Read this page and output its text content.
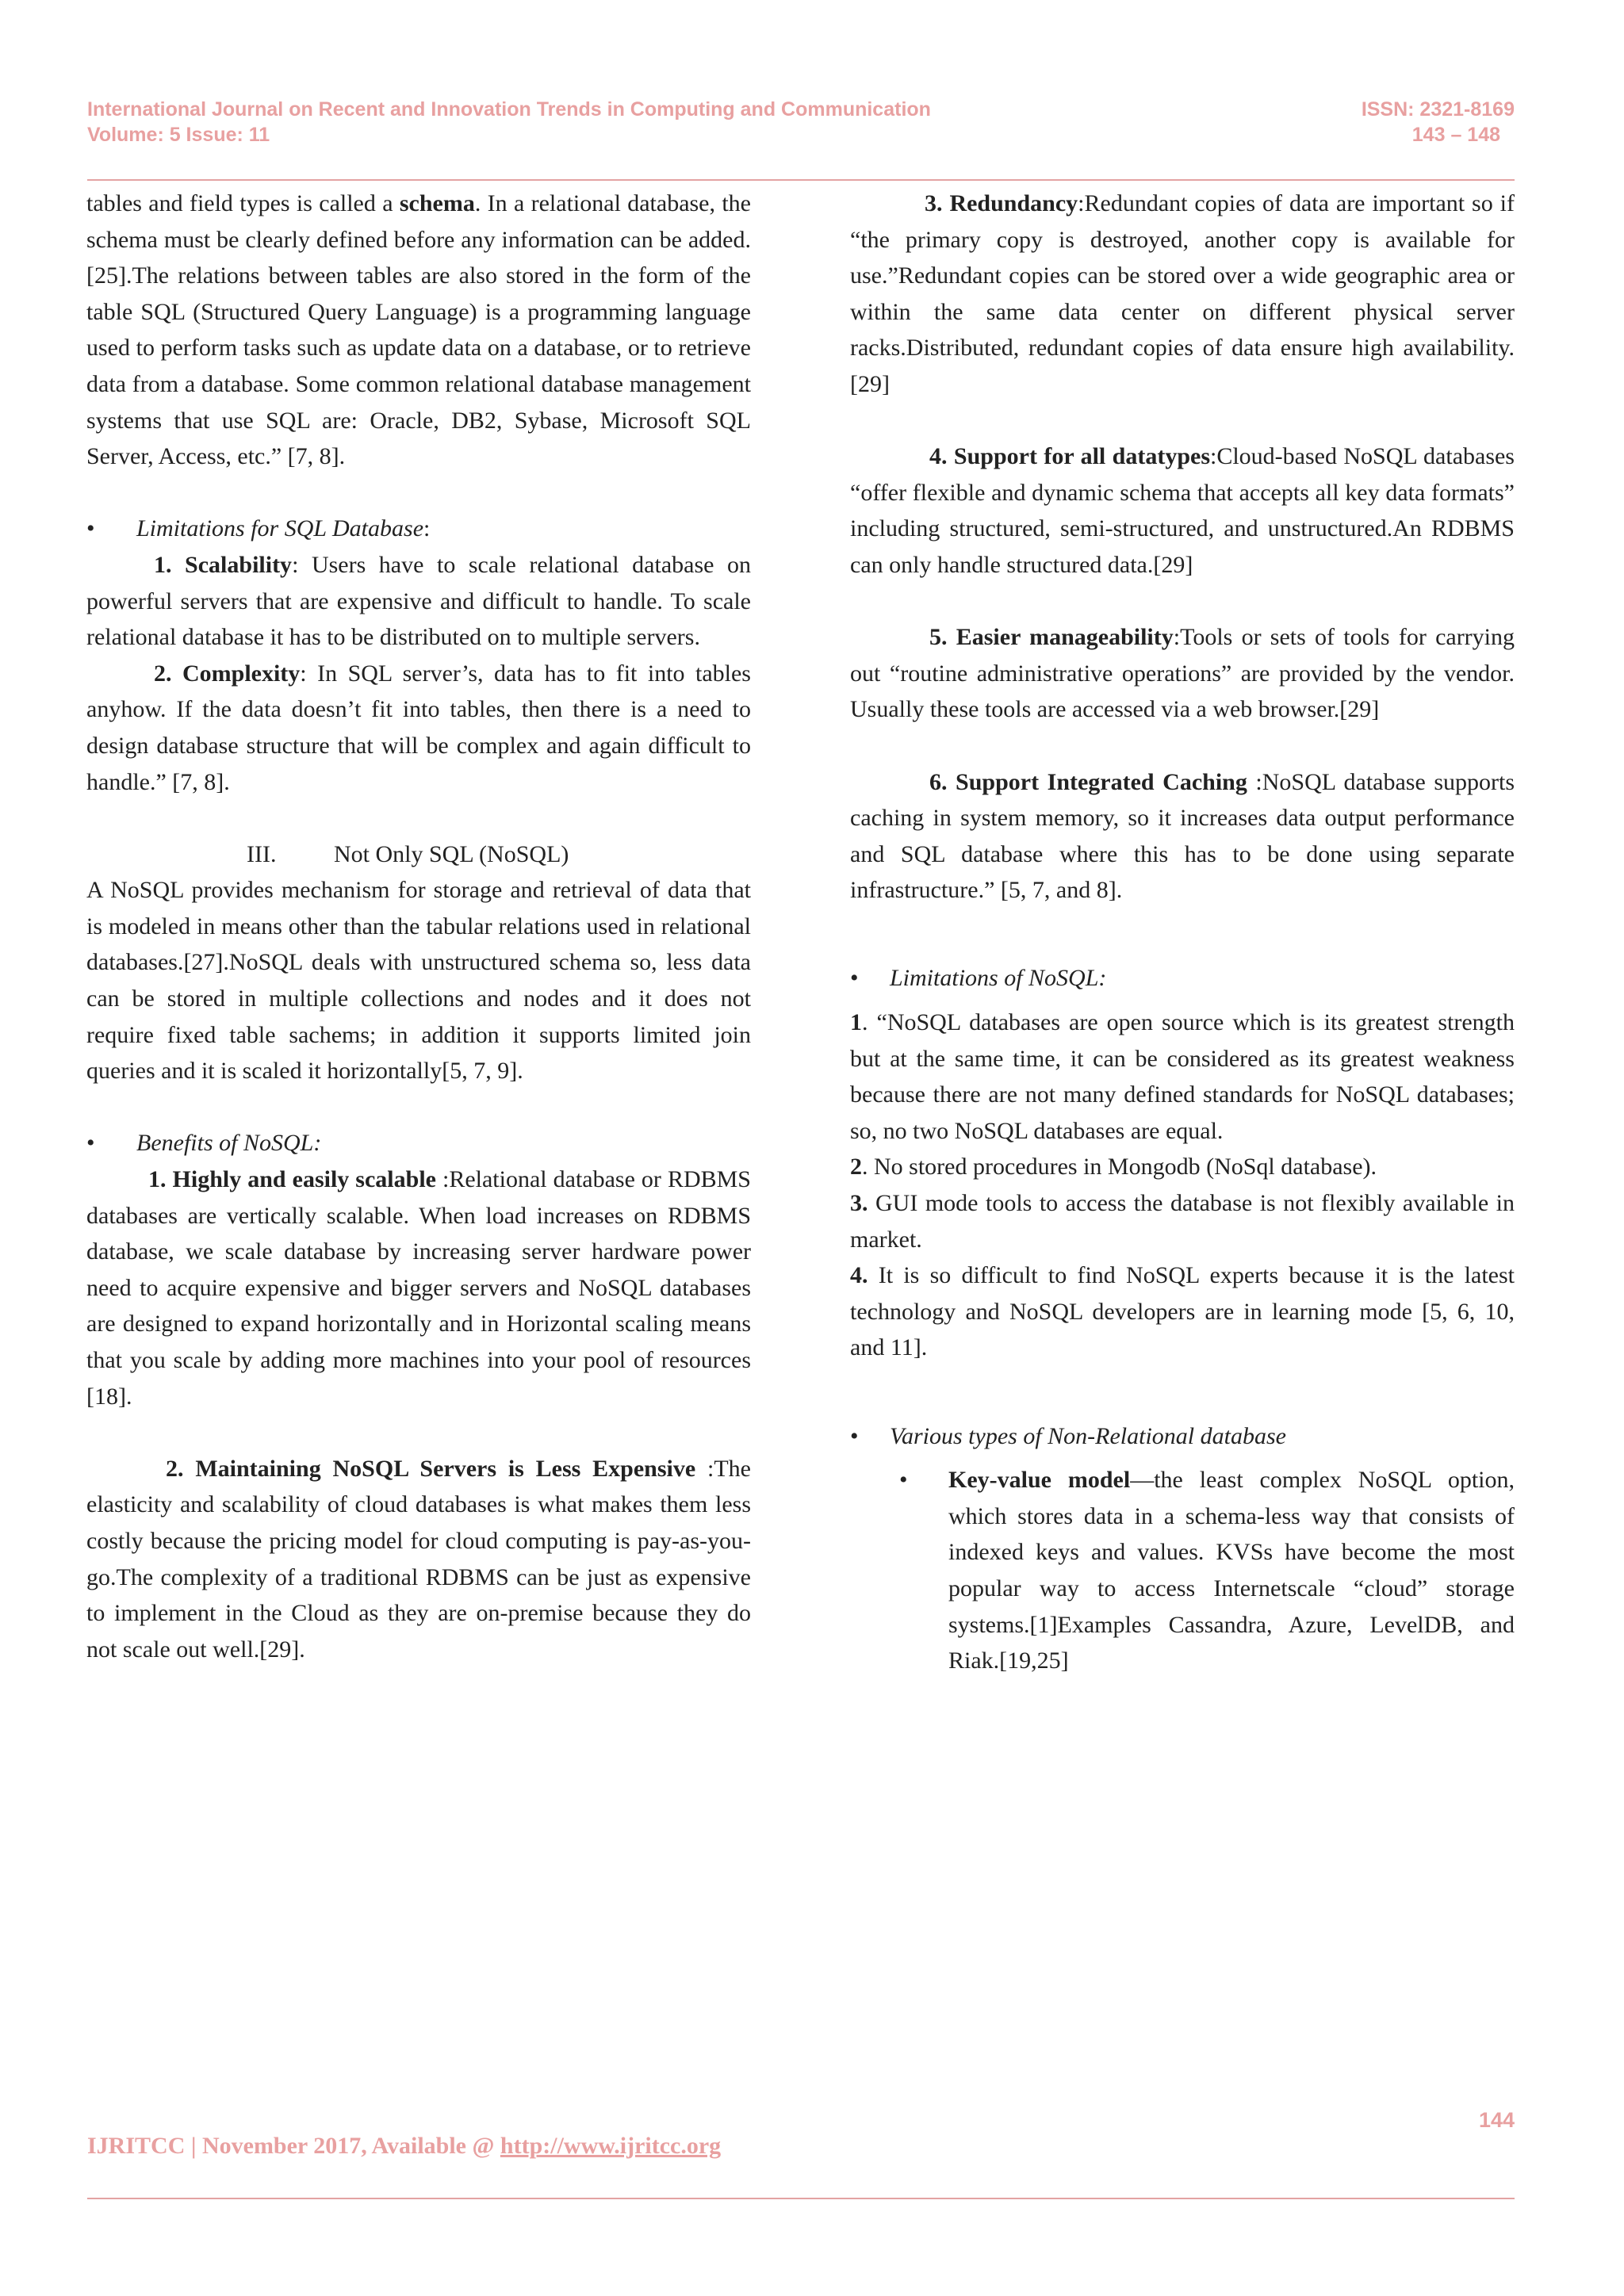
International Journal on Recent and Innovation Trends in Computing and Communication
Volume: 5 Issue: 11
ISSN: 2321-8169
143 – 148

tables and field types is called a schema. In a relational database, the schema must be clearly defined before any information can be added.[25].The relations between tables are also stored in the form of the table SQL (Structured Query Language) is a programming language used to perform tasks such as update data on a database, or to retrieve data from a database. Some common relational database management systems that use SQL are: Oracle, DB2, Sybase, Microsoft SQL Server, Access, etc.” [7, 8].

•	Limitations for SQL Database:

1. Scalability: Users have to scale relational database on powerful servers that are expensive and difficult to handle. To scale relational database it has to be distributed on to multiple servers.

2. Complexity: In SQL server’s, data has to fit into tables anyhow. If the data doesn’t fit into tables, then there is a need to design database structure that will be complex and again difficult to handle.” [7, 8].

III. Not Only SQL (NoSQL)

A NoSQL provides mechanism for storage and retrieval of data that is modeled in means other than the tabular relations used in relational databases.[27].NoSQL deals with unstructured schema so, less data can be stored in multiple collections and nodes and it does not require fixed table sachems; in addition it supports limited join queries and it is scaled it horizontally[5, 7, 9].

•	Benefits of NoSQL:

1. Highly and easily scalable :Relational database or RDBMS databases are vertically scalable. When load increases on RDBMS database, we scale database by increasing server hardware power need to acquire expensive and bigger servers and NoSQL databases are designed to expand horizontally and in Horizontal scaling means that you scale by adding more machines into your pool of resources [18].

2. Maintaining NoSQL Servers is Less Expensive :The elasticity and scalability of cloud databases is what makes them less costly because the pricing model for cloud computing is pay-as-you-go.The complexity of a traditional RDBMS can be just as expensive to implement in the Cloud as they are on-premise because they do not scale out well.[29].

3. Redundancy:Redundant copies of data are important so if “the primary copy is destroyed, another copy is available for use.”Redundant copies can be stored over a wide geographic area or within the same data center on different physical server racks.Distributed, redundant copies of data ensure high availability.[29]

4. Support for all datatypes:Cloud-based NoSQL databases “offer flexible and dynamic schema that accepts all key data formats” including structured, semi-structured, and unstructured.An RDBMS can only handle structured data.[29]

5. Easier manageability:Tools or sets of tools for carrying out “routine administrative operations” are provided by the vendor. Usually these tools are accessed via a web browser.[29]

6. Support Integrated Caching :NoSQL database supports caching in system memory, so it increases data output performance and SQL database where this has to be done using separate infrastructure.” [5, 7, and 8].

•	Limitations of NoSQL:

1. “NoSQL databases are open source which is its greatest strength but at the same time, it can be considered as its greatest weakness because there are not many defined standards for NoSQL databases; so, no two NoSQL databases are equal.

2. No stored procedures in Mongodb (NoSql database).

3. GUI mode tools to access the database is not flexibly available in market.

4. It is so difficult to find NoSQL experts because it is the latest technology and NoSQL developers are in learning mode [5, 6, 10, and 11].

•	Various types of Non-Relational database
•	Key-value model—the least complex NoSQL option, which stores data in a schema-less way that consists of indexed keys and values. KVSs have become the most popular way to access Internetscale “cloud” storage systems.[1]Examples Cassandra, Azure, LevelDB, and Riak.[19,25]

144
IJRITCC | November 2017, Available @ http://www.ijritcc.org
